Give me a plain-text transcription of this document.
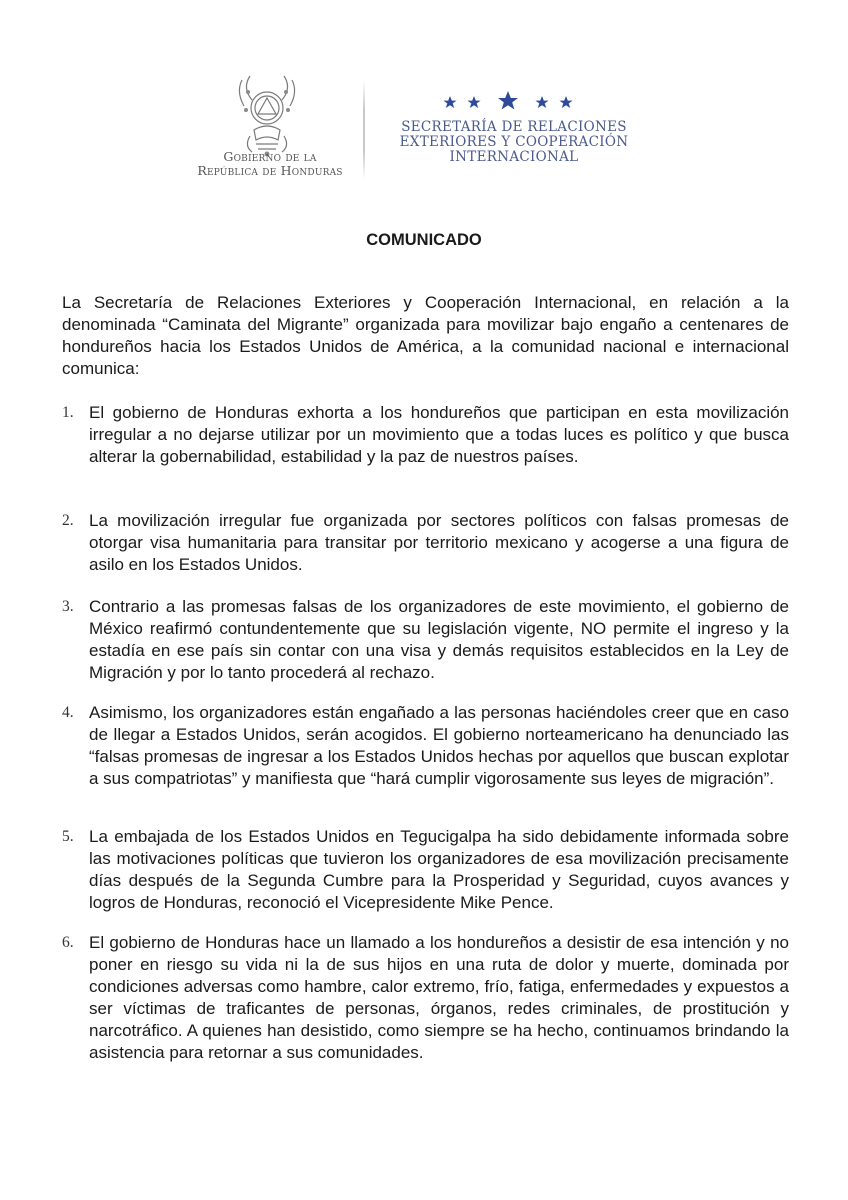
Gobierno de la
República de Honduras
SECRETARÍA DE RELACIONES
EXTERIORES Y COOPERACIÓN
INTERNACIONAL
COMUNICADO

La Secretaría de Relaciones Exteriores y Cooperación Internacional, en relación a la denominada “Caminata del Migrante” organizada para movilizar bajo engaño a centenares de hondureños hacia los Estados Unidos de América, a la comunidad nacional e internacional comunica:

1. El gobierno de Honduras exhorta a los hondureños que participan en esta movilización irregular a no dejarse utilizar por un movimiento que a todas luces es político y que busca alterar la gobernabilidad, estabilidad y la paz de nuestros países.

2. La movilización irregular fue organizada por sectores políticos con falsas promesas de otorgar visa humanitaria para transitar por territorio mexicano y acogerse a una figura de asilo en los Estados Unidos.

3. Contrario a las promesas falsas de los organizadores de este movimiento, el gobierno de México reafirmó contundentemente que su legislación vigente, NO permite el ingreso y la estadía en ese país sin contar con una visa y demás requisitos establecidos en la Ley de Migración y por lo tanto procederá al rechazo.

4. Asimismo, los organizadores están engañado a las personas haciéndoles creer que en caso de llegar a Estados Unidos, serán acogidos. El gobierno norteamericano ha denunciado las “falsas promesas de ingresar a los Estados Unidos hechas por aquellos que buscan explotar a sus compatriotas” y manifiesta que “hará cumplir vigorosamente sus leyes de migración”.

5. La embajada de los Estados Unidos en Tegucigalpa ha sido debidamente informada sobre las motivaciones políticas que tuvieron los organizadores de esa movilización precisamente días después de la Segunda Cumbre para la Prosperidad y Seguridad, cuyos avances y logros de Honduras, reconoció el Vicepresidente Mike Pence.

6. El gobierno de Honduras hace un llamado a los hondureños a desistir de esa intención y no poner en riesgo su vida ni la de sus hijos en una ruta de dolor y muerte, dominada por condiciones adversas como hambre, calor extremo, frío, fatiga, enfermedades y expuestos a ser víctimas de traficantes de personas, órganos, redes criminales, de prostitución y narcotráfico. A quienes han desistido, como siempre se ha hecho, continuamos brindando la asistencia para retornar a sus comunidades.
